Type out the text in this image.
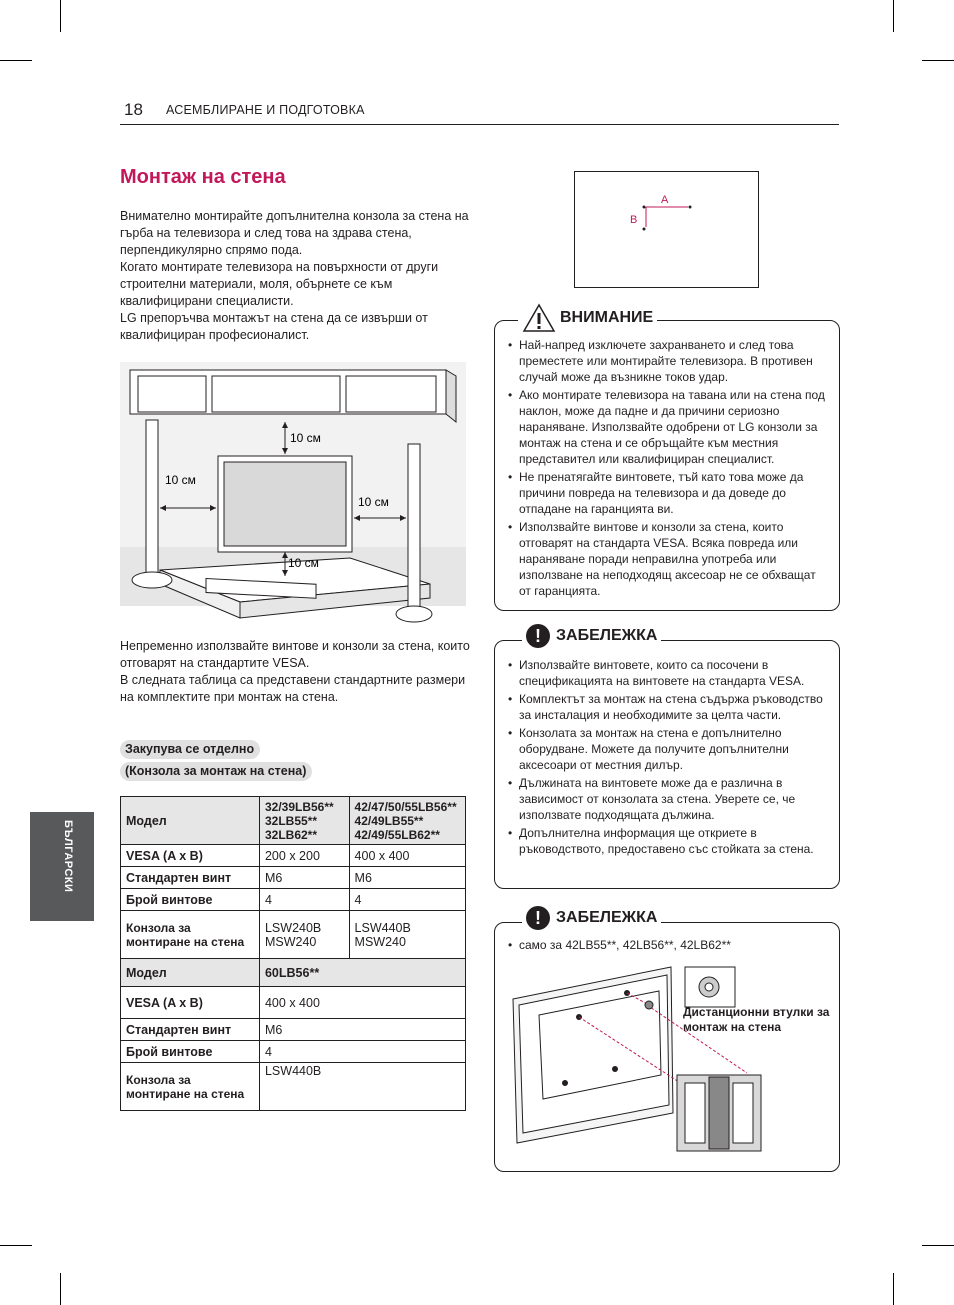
18 АСЕМБЛИРАНЕ И ПОДГОТОВКА
БЪЛГАРСКИ
Монтаж на стена

Внимателно монтирайте допълнителна конзола за стена на гърба на телевизора и след това на здрава стена, перпендикулярно спрямо пода.

Когато монтирате телевизора на повърхности от други строителни материали, моля, обърнете се към квалифицирани специалисти.

LG препоръчва монтажът на стена да се извърши от квалифициран професионалист.

10 см
10 см
10 см
10 см

Непременно използвайте винтове и конзоли за стена, които отговарят на стандартите VESA.

В следната таблица са представени стандартните размери на комплектите при монтаж на стена.

Закупува се отделно
(Конзола за монтаж на стена)
Модел	32/39LB56** 32LB55** 32LB62**	42/47/50/55LB56** 42/49LB55** 42/49/55LB62**
VESA (A x B)	200 x 200	400 x 400
Стандартен винт	M6	M6
Брой винтове	4	4
Конзола за монтиране на стена	LSW240B MSW240	LSW440B MSW240
Модел	60LB56**	
VESA (A x B)	400 x 400	
Стандартен винт	M6	
Брой винтове	4	
Конзола за монтиране на стена	LSW440B	
A
B
• Най-напред изключете захранването и след това преместете или монтирайте телевизора. В противен случай може да възникне токов удар.
• Ако монтирате телевизора на тавана или на стена под наклон, може да падне и да причини сериозно нараняване. Използвайте одобрени от LG конзоли за монтаж на стена и се обръщайте към местния представител или квалифициран специалист.
• Не пренатягайте винтовете, тъй като това може да причини повреда на телевизора и да доведе до отпадане на гаранцията ви.
• Използвайте винтове и конзоли за стена, които отговарят на стандарта VESA. Всяка повреда или нараняване поради неправилна употреба или използване на неподходящ аксесоар не се обхващат от гаранцията.
ВНИМАНИЕ
• Използвайте винтовете, които са посочени в спецификацията на винтовете на стандарта VESA.
• Комплектът за монтаж на стена съдържа ръководство за инсталация и необходимите за целта части.
• Конзолата за монтаж на стена е допълнително оборудване. Можете да получите допълнителни аксесоари от местния дилър.
• Дължината на винтовете може да е различна в зависимост от конзолата за стена. Уверете се, че използвате подходящата дължина.
• Допълнителна информация ще откриете в ръководството, предоставено със стойката за стена.
! ЗАБЕЛЕЖКА
• само за 42LB55**, 42LB56**, 42LB62**
Дистанционни втулки за монтаж на стена
! ЗАБЕЛЕЖКА
